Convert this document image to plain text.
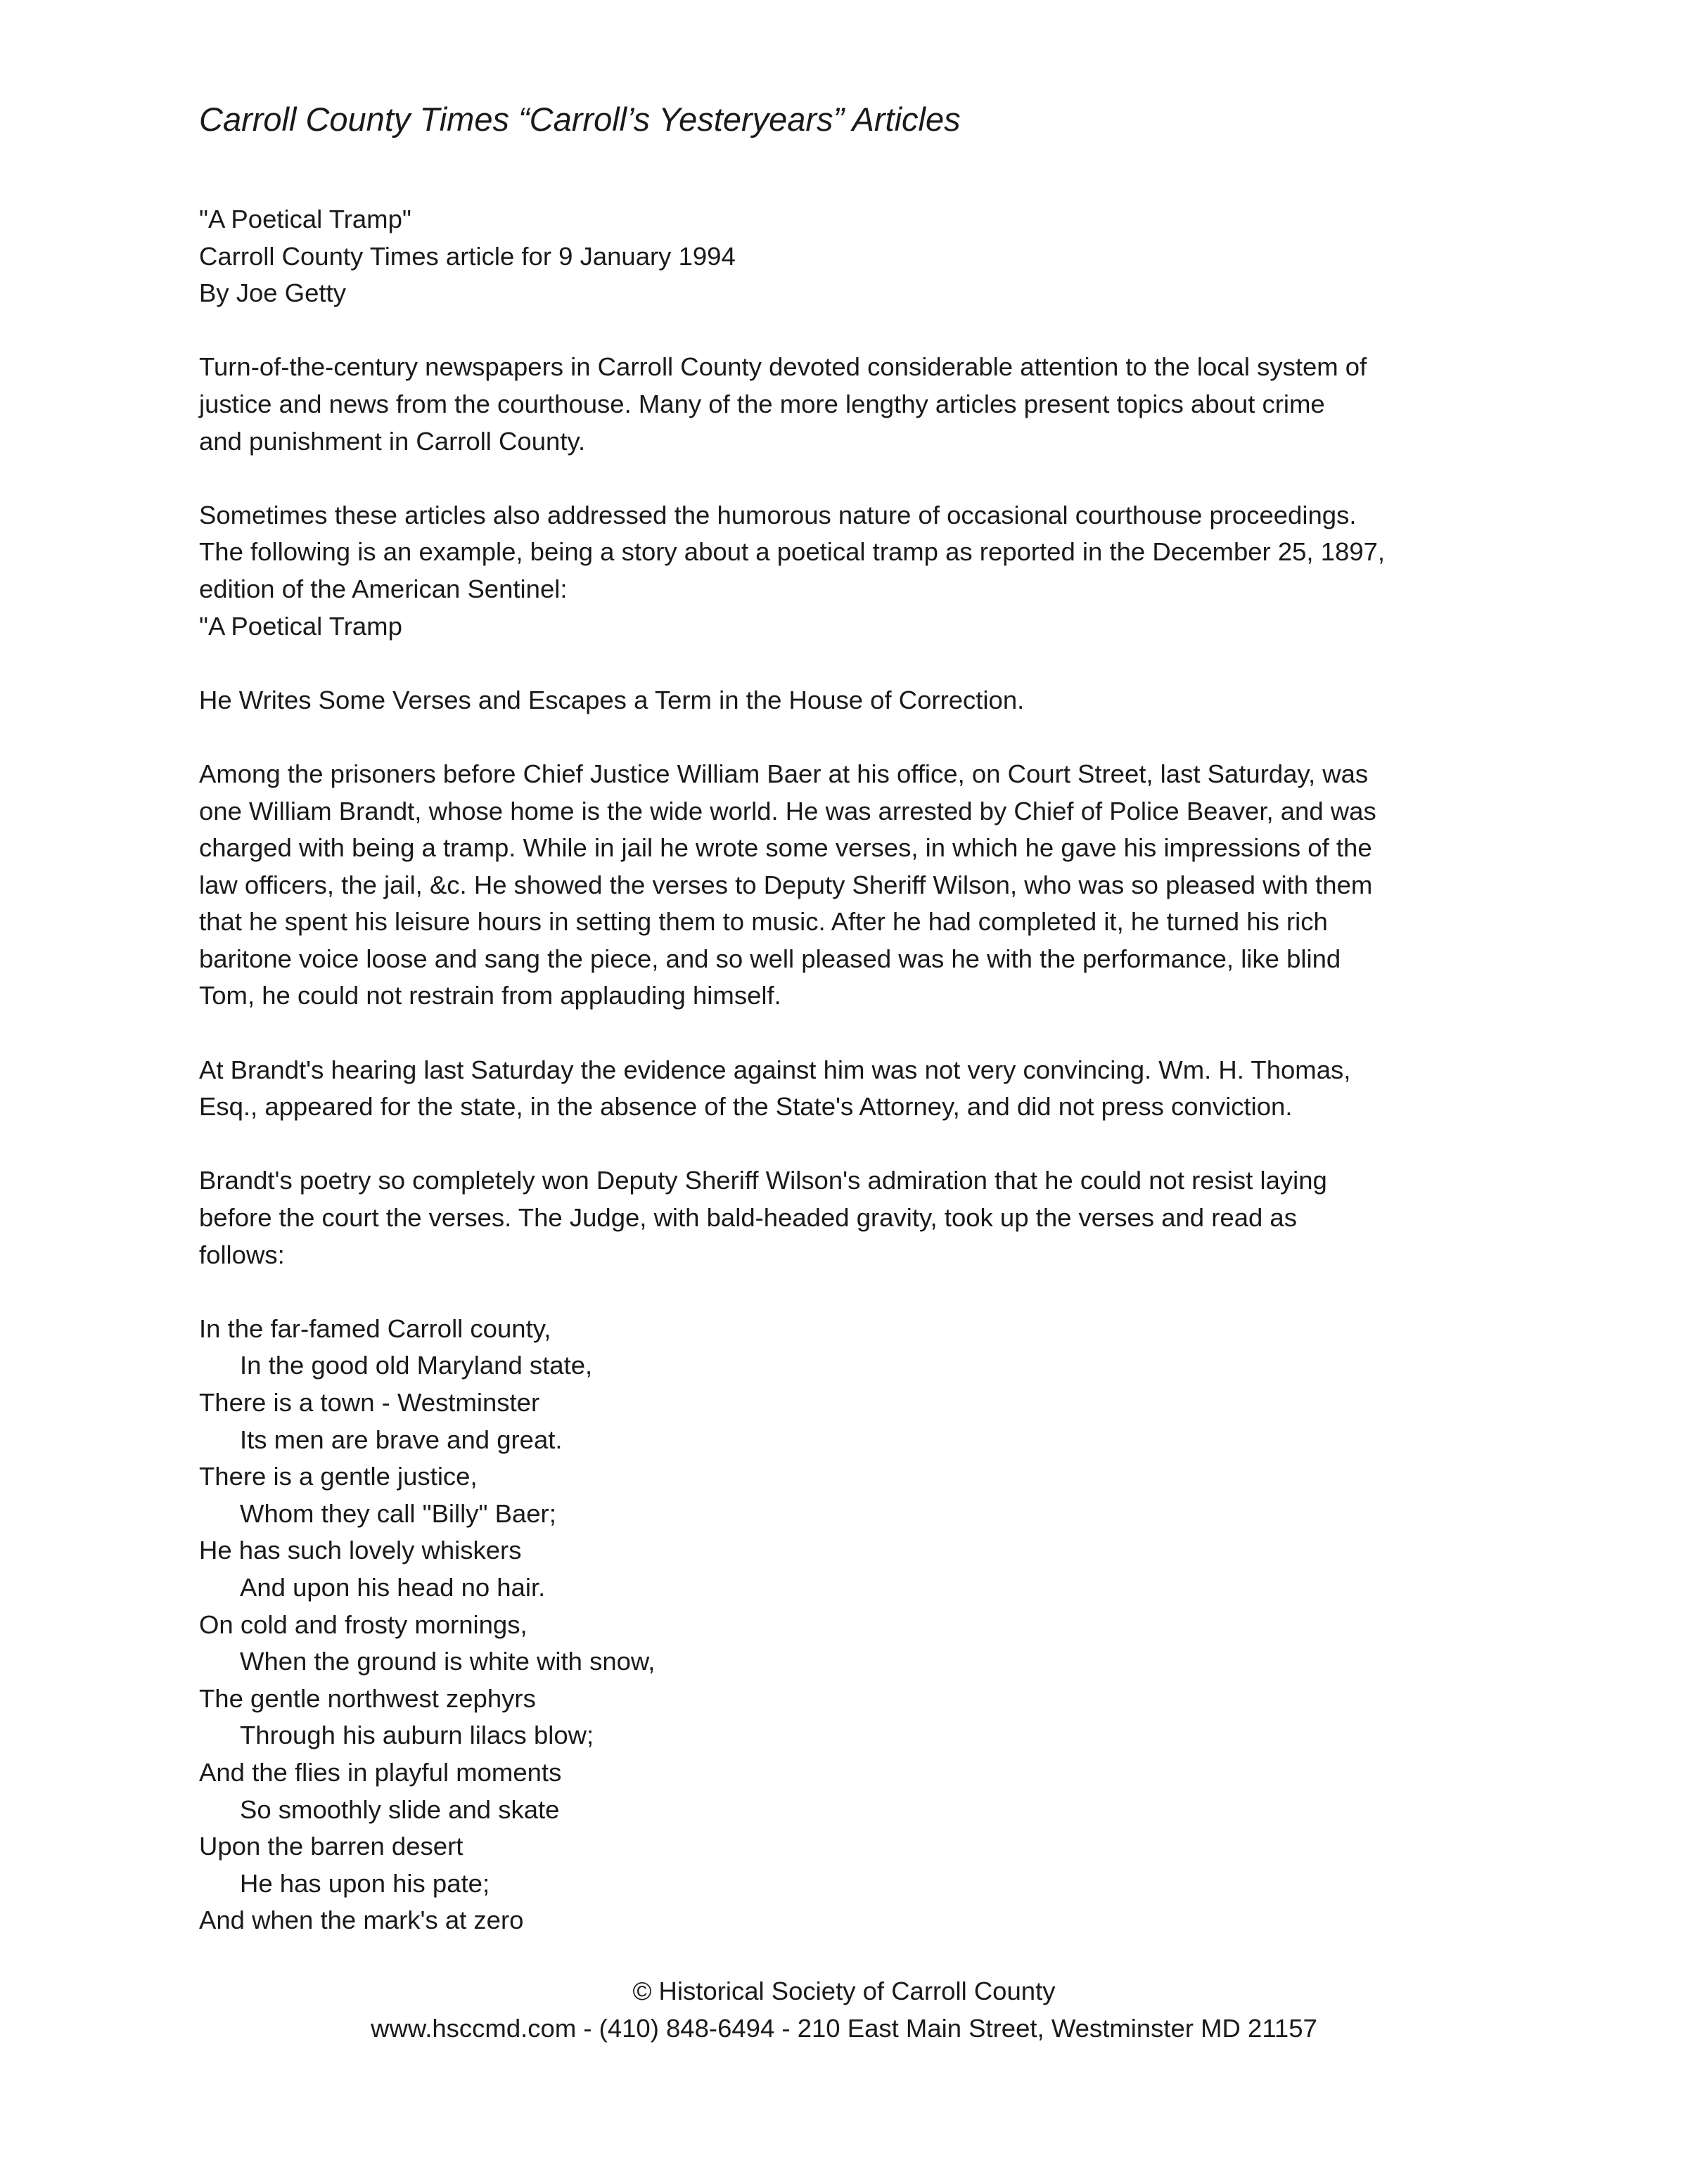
Carroll County Times “Carroll’s Yesteryears” Articles
"A Poetical Tramp"
Carroll County Times article for 9 January 1994
By Joe Getty
Turn-of-the-century newspapers in Carroll County devoted considerable attention to the local system of
justice and news from the courthouse. Many of the more lengthy articles present topics about crime
and punishment in Carroll County.
Sometimes these articles also addressed the humorous nature of occasional courthouse proceedings.
The following is an example, being a story about a poetical tramp as reported in the December 25, 1897,
edition of the American Sentinel:
"A Poetical Tramp
He Writes Some Verses and Escapes a Term in the House of Correction.
Among the prisoners before Chief Justice William Baer at his office, on Court Street, last Saturday, was
one William Brandt, whose home is the wide world. He was arrested by Chief of Police Beaver, and was
charged with being a tramp. While in jail he wrote some verses, in which he gave his impressions of the
law officers, the jail, &c. He showed the verses to Deputy Sheriff Wilson, who was so pleased with them
that he spent his leisure hours in setting them to music. After he had completed it, he turned his rich
baritone voice loose and sang the piece, and so well pleased was he with the performance, like blind
Tom, he could not restrain from applauding himself.
At Brandt's hearing last Saturday the evidence against him was not very convincing. Wm. H. Thomas,
Esq., appeared for the state, in the absence of the State's Attorney, and did not press conviction.
Brandt's poetry so completely won Deputy Sheriff Wilson's admiration that he could not resist laying
before the court the verses. The Judge, with bald-headed gravity, took up the verses and read as
follows:
In the far-famed Carroll county,
In the good old Maryland state,
There is a town - Westminster
Its men are brave and great.
There is a gentle justice,
Whom they call "Billy" Baer;
He has such lovely whiskers
And upon his head no hair.
On cold and frosty mornings,
When the ground is white with snow,
The gentle northwest zephyrs
Through his auburn lilacs blow;
And the flies in playful moments
So smoothly slide and skate
Upon the barren desert
He has upon his pate;
And when the mark's at zero
© Historical Society of Carroll County
www.hsccmd.com - (410) 848-6494 - 210 East Main Street, Westminster MD 21157
